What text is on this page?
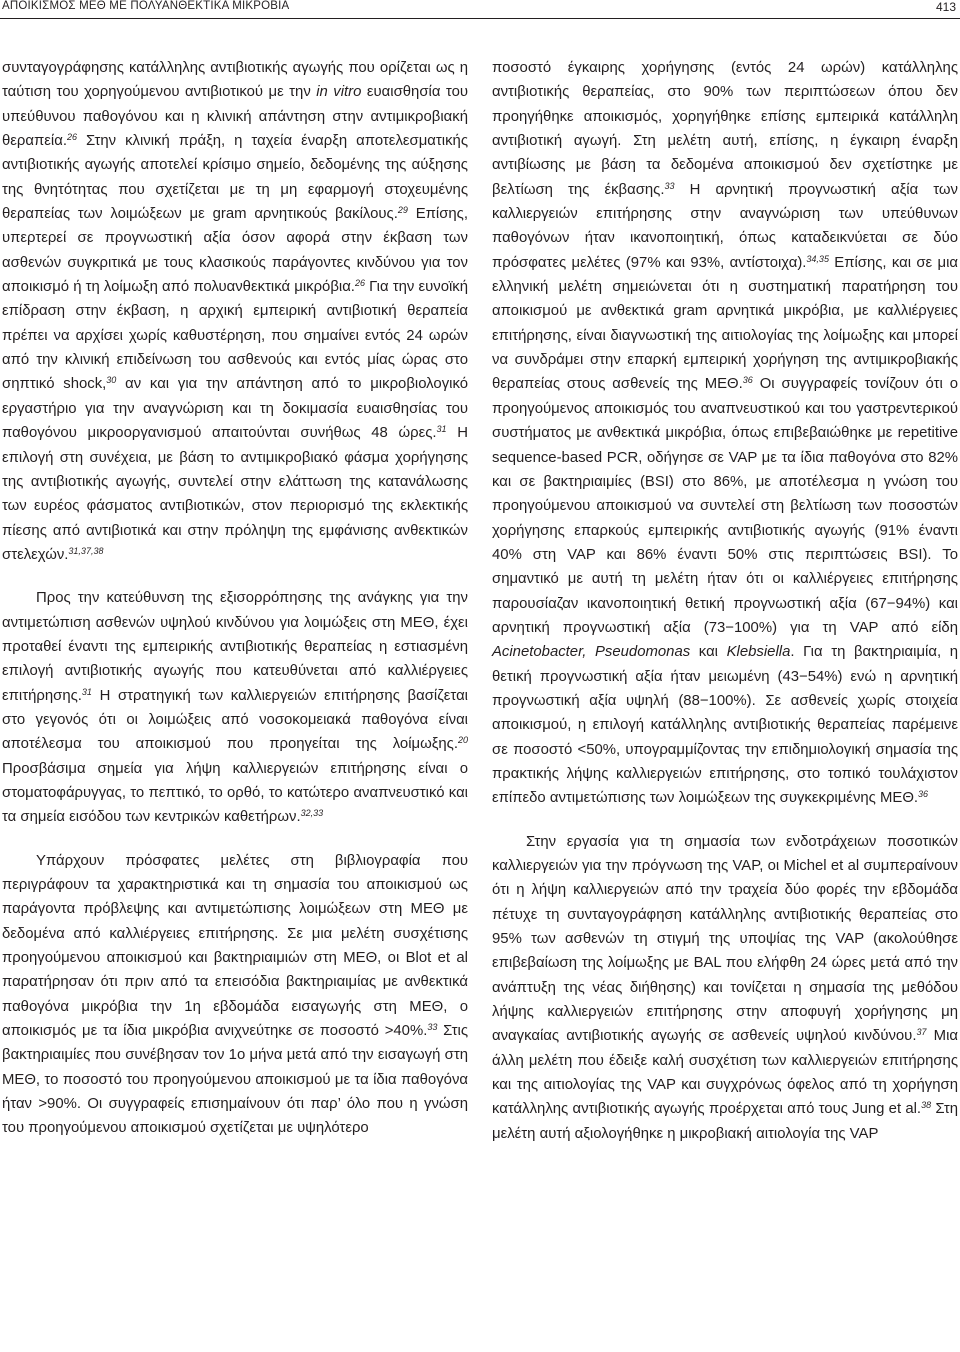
ΑΠΟΙΚΙΣΜΟΣ ΜΕΘ ΜΕ ΠΟΛΥΑΝΘΕΚΤΙΚΑ ΜΙΚΡΟΒΙΑ	413

συνταγογράφησης κατάλληλης αντιβιοτικής αγωγής που ορίζεται ως η ταύτιση του χορηγούμενου αντιβιοτικού με την in vitro ευαισθησία του υπεύθυνου παθογόνου και η κλινική απάντηση στην αντιμικροβιακή θεραπεία.$^{26}$ Στην κλινική πράξη, η ταχεία έναρξη αποτελεσματικής αντιβιοτικής αγωγής αποτελεί κρίσιμο σημείο, δεδομένης της αύξησης της θνητότητας που σχετίζεται με τη μη εφαρμογή στοχευμένης θεραπείας των λοιμώξεων με gram αρνητικούς βακίλους.$^{29}$ Επίσης, υπερτερεί σε προγνωστική αξία όσον αφορά στην έκβαση των ασθενών συγκριτικά με τους κλασικούς παράγοντες κινδύνου για τον αποικισμό ή τη λοίμωξη από πολυανθεκτικά μικρόβια.$^{26}$ Για την ευνοϊκή επίδραση στην έκβαση, η αρχική εμπειρική αντιβιοτική θεραπεία πρέπει να αρχίσει χωρίς καθυστέρηση, που σημαίνει εντός 24 ωρών από την κλινική επιδείνωση του ασθενούς και εντός μίας ώρας στο σηπτικό shock,$^{30}$ αν και για την απάντηση από το μικροβιολογικό εργαστήριο για την αναγνώριση και τη δοκιμασία ευαισθησίας του παθογόνου μικροοργανισμού απαιτούνται συνήθως 48 ώρες.$^{31}$ Η επιλογή στη συνέχεια, με βάση το αντιμικροβιακό φάσμα χορήγησης της αντιβιοτικής αγωγής, συντελεί στην ελάττωση της κατανάλωσης των ευρέος φάσματος αντιβιοτικών, στον περιορισμό της εκλεκτικής πίεσης από αντιβιοτικά και στην πρόληψη της εμφάνισης ανθεκτικών στελεχών.$^{31,37,38}$

Προς την κατεύθυνση της εξισορρόπησης της ανάγκης για την αντιμετώπιση ασθενών υψηλού κινδύνου για λοιμώξεις στη ΜΕΘ, έχει προταθεί έναντι της εμπειρικής αντιβιοτικής θεραπείας η εστιασμένη επιλογή αντιβιοτικής αγωγής που κατευθύνεται από καλλιέργειες επιτήρησης.$^{31}$ Η στρατηγική των καλλιεργειών επιτήρησης βασίζεται στο γεγονός ότι οι λοιμώξεις από νοσοκομειακά παθογόνα είναι αποτέλεσμα του αποικισμού που προηγείται της λοίμωξης.$^{20}$ Προσβάσιμα σημεία για λήψη καλλιεργειών επιτήρησης είναι ο στοματοφάρυγγας, το πεπτικό, το ορθό, το κατώτερο αναπνευστικό και τα σημεία εισόδου των κεντρικών καθετήρων.$^{32,33}$

Υπάρχουν πρόσφατες μελέτες στη βιβλιογραφία που περιγράφουν τα χαρακτηριστικά και τη σημασία του αποικισμού ως παράγοντα πρόβλεψης και αντιμετώπισης λοιμώξεων στη ΜΕΘ με δεδομένα από καλλιέργειες επιτήρησης. Σε μια μελέτη συσχέτισης προηγούμενου αποικισμού και βακτηριαιμιών στη ΜΕΘ, οι Blot et al παρατήρησαν ότι πριν από τα επεισόδια βακτηριαιμίας με ανθεκτικά παθογόνα μικρόβια την 1η εβδομάδα εισαγωγής στη ΜΕΘ, ο αποικισμός με τα ίδια μικρόβια ανιχνεύτηκε σε ποσοστό >40%.$^{33}$ Στις βακτηριαιμίες που συνέβησαν τον 1ο μήνα μετά από την εισαγωγή στη ΜΕΘ, το ποσοστό του προηγούμενου αποικισμού με τα ίδια παθογόνα ήταν >90%. Οι συγγραφείς επισημαίνουν ότι παρ’ όλο που η γνώση του προηγούμενου αποικισμού σχετίζεται με υψηλότερο

ποσοστό έγκαιρης χορήγησης (εντός 24 ωρών) κατάλληλης αντιβιοτικής θεραπείας, στο 90% των περιπτώσεων όπου δεν προηγήθηκε αποικισμός, χορηγήθηκε επίσης εμπειρικά κατάλληλη αντιβιοτική αγωγή. Στη μελέτη αυτή, επίσης, η έγκαιρη έναρξη αντιβίωσης με βάση τα δεδομένα αποικισμού δεν σχετίστηκε με βελτίωση της έκβασης.$^{33}$ Η αρνητική προγνωστική αξία των καλλιεργειών επιτήρησης στην αναγνώριση των υπεύθυνων παθογόνων ήταν ικανοποιητική, όπως καταδεικνύεται σε δύο πρόσφατες μελέτες (97% και 93%, αντίστοιχα).$^{34,35}$ Επίσης, και σε μια ελληνική μελέτη σημειώνεται ότι η συστηματική παρατήρηση του αποικισμού με ανθεκτικά gram αρνητικά μικρόβια, με καλλιέργειες επιτήρησης, είναι διαγνωστική της αιτιολογίας της λοίμωξης και μπορεί να συνδράμει στην επαρκή εμπειρική χορήγηση της αντιμικροβιακής θεραπείας στους ασθενείς της ΜΕΘ.$^{36}$ Οι συγγραφείς τονίζουν ότι ο προηγούμενος αποικισμός του αναπνευστικού και του γαστρεντερικού συστήματος με ανθεκτικά μικρόβια, όπως επιβεβαιώθηκε με repetitive sequence-based PCR, οδήγησε σε VAP με τα ίδια παθογόνα στο 82% και σε βακτηριαιμίες (BSI) στο 86%, με αποτέλεσμα η γνώση του προηγούμενου αποικισμού να συντελεί στη βελτίωση των ποσοστών χορήγησης επαρκούς εμπειρικής αντιβιοτικής αγωγής (91% έναντι 40% στη VAP και 86% έναντι 50% στις περιπτώσεις BSI). Το σημαντικό με αυτή τη μελέτη ήταν ότι οι καλλιέργειες επιτήρησης παρουσίαζαν ικανοποιητική θετική προγνωστική αξία (67−94%) και αρνητική προγνωστική αξία (73−100%) για τη VAP από είδη Acinetobacter, Pseudomonas και Klebsiella. Για τη βακτηριαιμία, η θετική προγνωστική αξία ήταν μειωμένη (43−54%) ενώ η αρνητική προγνωστική αξία υψηλή (88−100%). Σε ασθενείς χωρίς στοιχεία αποικισμού, η επιλογή κατάλληλης αντιβιοτικής θεραπείας παρέμεινε σε ποσοστό <50%, υπογραμμίζοντας την επιδημιολογική σημασία της πρακτικής λήψης καλλιεργειών επιτήρησης, στο τοπικό τουλάχιστον επίπεδο αντιμετώπισης των λοιμώξεων της συγκεκριμένης ΜΕΘ.$^{36}$

Στην εργασία για τη σημασία των ενδοτράχειων ποσοτικών καλλιεργειών για την πρόγνωση της VAP, οι Michel et al συμπεραίνουν ότι η λήψη καλλιεργειών από την τραχεία δύο φορές την εβδομάδα πέτυχε τη συνταγογράφηση κατάλληλης αντιβιοτικής θεραπείας στο 95% των ασθενών τη στιγμή της υποψίας της VAP (ακολούθησε επιβεβαίωση της λοίμωξης με BAL που ελήφθη 24 ώρες μετά από την ανάπτυξη της νέας διήθησης) και τονίζεται η σημασία της μεθόδου λήψης καλλιεργειών επιτήρησης στην αποφυγή χορήγησης μη αναγκαίας αντιβιοτικής αγωγής σε ασθενείς υψηλού κινδύνου.$^{37}$ Μια άλλη μελέτη που έδειξε καλή συσχέτιση των καλλιεργειών επιτήρησης και της αιτιολογίας της VAP και συγχρόνως όφελος από τη χορήγηση κατάλληλης αντιβιοτικής αγωγής προέρχεται από τους Jung et al.$^{38}$ Στη μελέτη αυτή αξιολογήθηκε η μικροβιακή αιτιολογία της VAP
